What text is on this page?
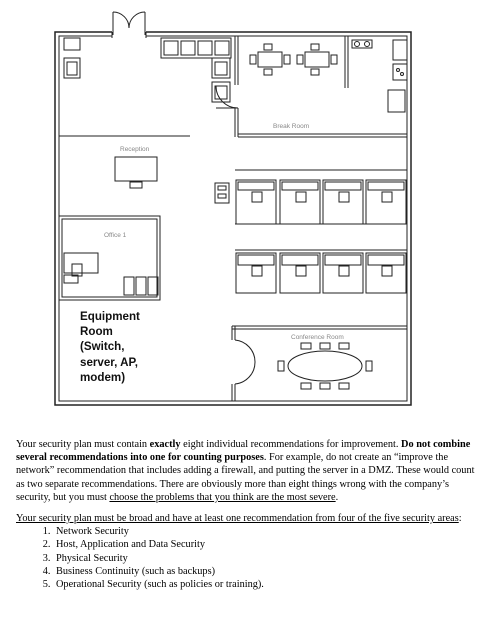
Break Room
Reception
Office 1
Conference Room
Equipment
Room
(Switch,
server, AP,
modem)

Your security plan must contain exactly eight individual recommendations for improvement. Do not combine several recommendations into one for counting purposes. For example, do not create an “improve the network” recommendation that includes adding a firewall, and putting the server in a DMZ. These would count as two separate recommendations. There are obviously more than eight things wrong with the company’s security, but you must choose the problems that you think are the most severe.

Your security plan must be broad and have at least one recommendation from four of the five security areas:

1. Network Security
2. Host, Application and Data Security
3. Physical Security
4. Business Continuity (such as backups)
5. Operational Security (such as policies or training).
